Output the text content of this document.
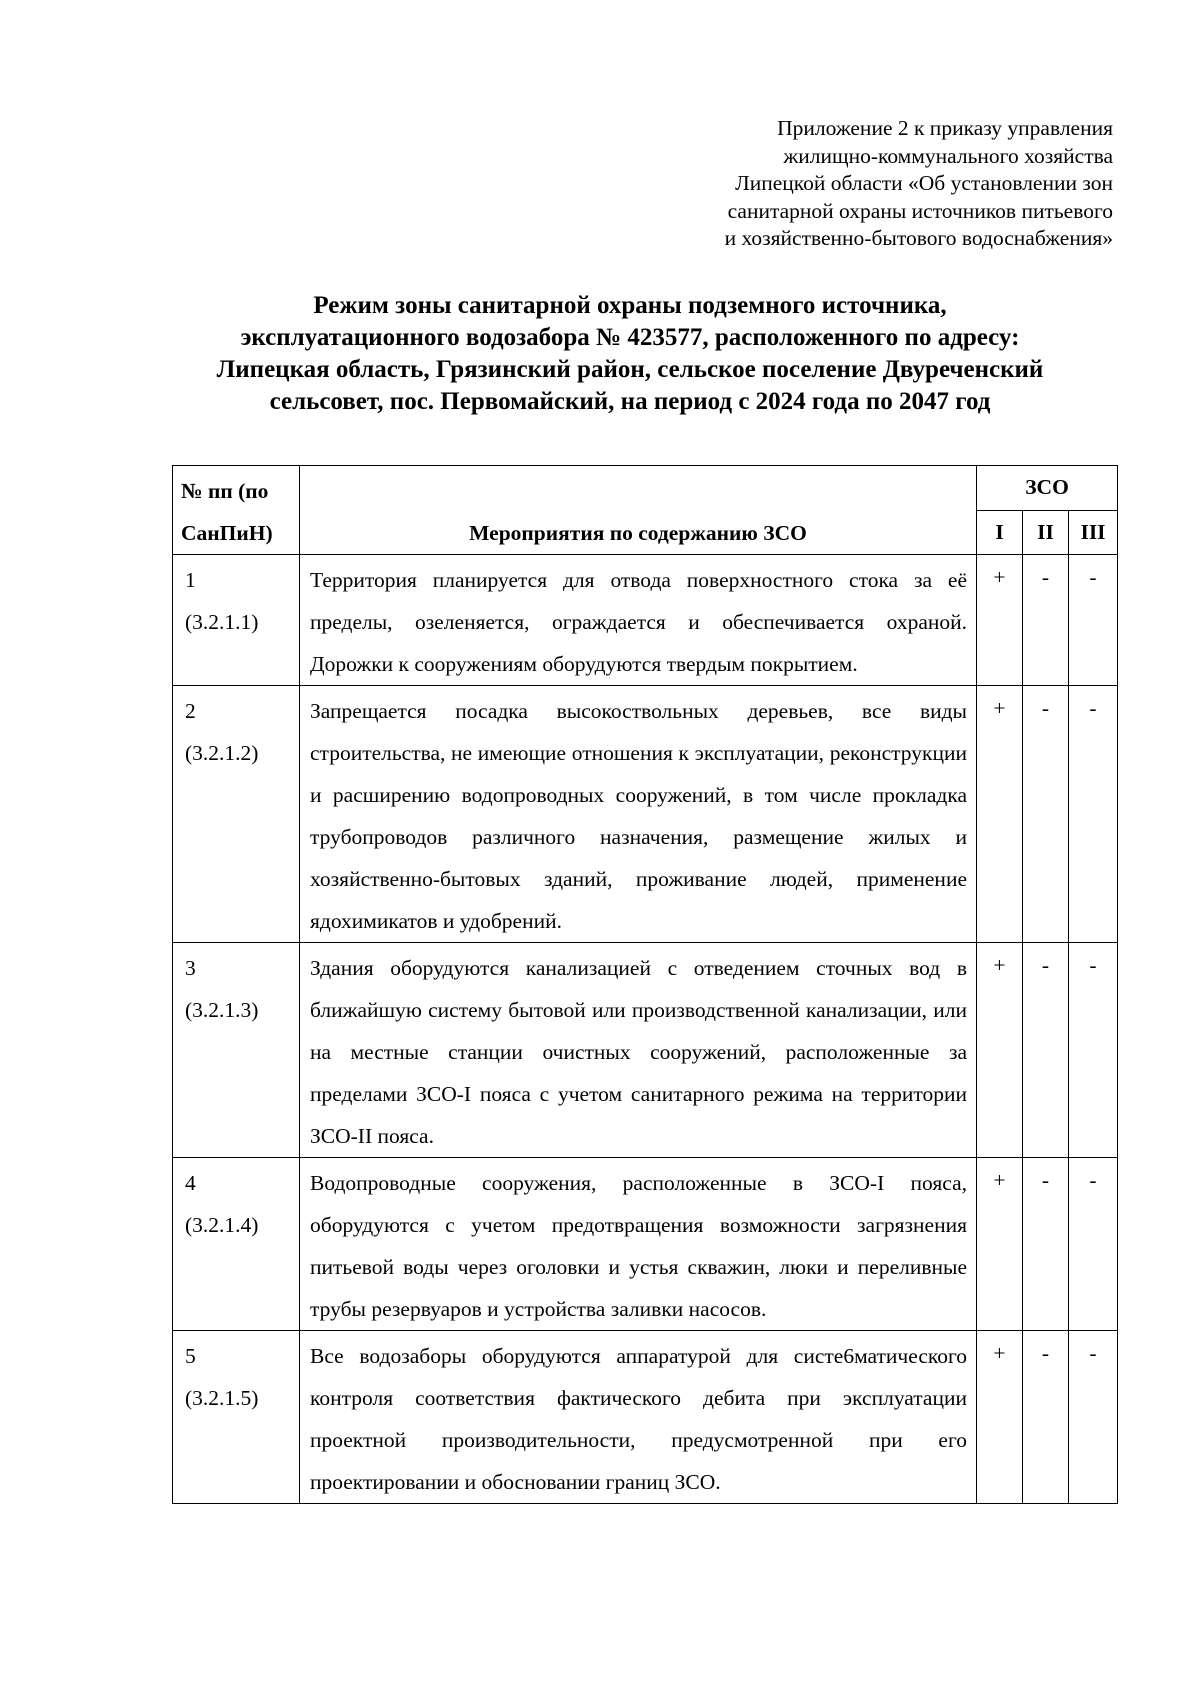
Приложение 2 к приказу управления
жилищно-коммунального хозяйства
Липецкой области «Об установлении зон
санитарной охраны источников питьевого
и хозяйственно-бытового водоснабжения»
Режим зоны санитарной охраны подземного источника,
эксплуатационного водозабора № 423577, расположенного по адресу:
Липецкая область, Грязинский район, сельское поселение Двуреченский
сельсовет, пос. Первомайский, на период с 2024 года по 2047 год
№ пп (по
СанПиН)	Мероприятия по содержанию ЗСО	ЗСО		
		I	II	III

1
(3.2.1.1)	Территория планируется для отвода поверхностного стока за её пределы, озеленяется, ограждается и обеспечивается охраной. Дорожки к сооружениям оборудуются твердым покрытием.	+	-	-

2
(3.2.1.2)	Запрещается посадка высокоствольных деревьев, все виды строительства, не имеющие отношения к эксплуатации, реконструкции и расширению водопроводных сооружений, в том числе прокладка трубопроводов различного назначения, размещение жилых и хозяйственно-бытовых зданий, проживание людей, применение ядохимикатов и удобрений.	+	-	-

3
(3.2.1.3)	Здания оборудуются канализацией с отведением сточных вод в ближайшую систему бытовой или производственной канализации, или на местные станции очистных сооружений, расположенные за пределами ЗСО-I пояса с учетом санитарного режима на территории ЗСО-II пояса.	+	-	-

4
(3.2.1.4)	Водопроводные сооружения, расположенные в ЗСО-I пояса, оборудуются с учетом предотвращения возможности загрязнения питьевой воды через оголовки и устья скважин, люки и переливные трубы резервуаров и устройства заливки насосов.	+	-	-

5
(3.2.1.5)	Все водозаборы оборудуются аппаратурой для систе6матического контроля соответствия фактического дебита при эксплуатации проектной производительности, предусмотренной при его проектировании и обосновании границ ЗСО.	+	-	-
